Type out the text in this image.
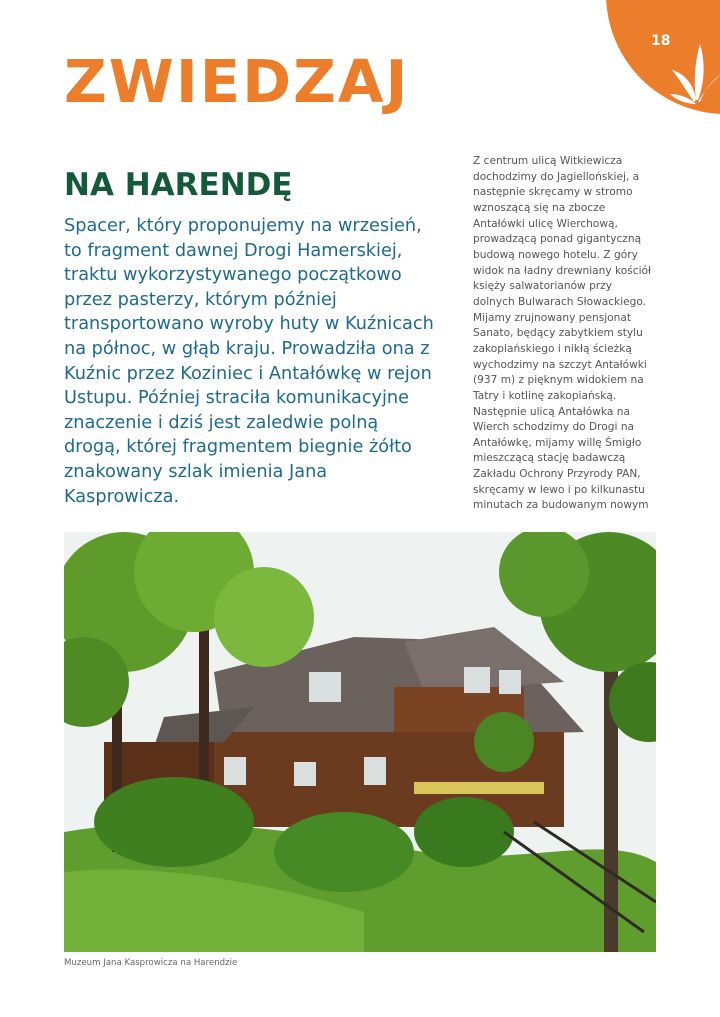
18
ZWIEDZAJ
NA HARENDĘ

Spacer, który proponujemy na wrzesień, to fragment dawnej Drogi Hamerskiej, traktu wykorzystywanego początkowo przez pasterzy, którym później transportowano wyroby huty w Kuźnicach na północ, w głąb kraju. Prowadziła ona z Kuźnic przez Koziniec i Antałówkę w rejon Ustupu. Później straciła komunikacyjne znaczenie i dziś jest zaledwie polną drogą, której fragmentem biegnie żółto znakowany szlak imienia Jana Kasprowicza.

Z centrum ulicą Witkiewicza dochodzimy do Jagiellońskiej, a następnie skręcamy w stromo wznoszącą się na zbocze Antałówki ulicę Wierchową, prowadzącą ponad gigantyczną budową nowego hotelu. Z góry widok na ładny drewniany kościół księży salwatorianów przy dolnych Bulwarach Słowackiego. Mijamy zrujnowany pensjonat Sanato, będący zabytkiem stylu zakopiańskiego i nikłą ścieżką wychodzimy na szczyt Antałówki (937 m) z pięknym widokiem na Tatry i kotlinę zakopiańską. Następnie ulicą Antałówka na Wierch schodzimy do Drogi na Antałówkę, mijamy willę Śmigło mieszczącą stację badawczą Zakładu Ochrony Przyrody PAN, skręcamy w lewo i po kilkunastu minutach za budowanym nowym

Muzeum Jana Kasprowicza na Harendzie
